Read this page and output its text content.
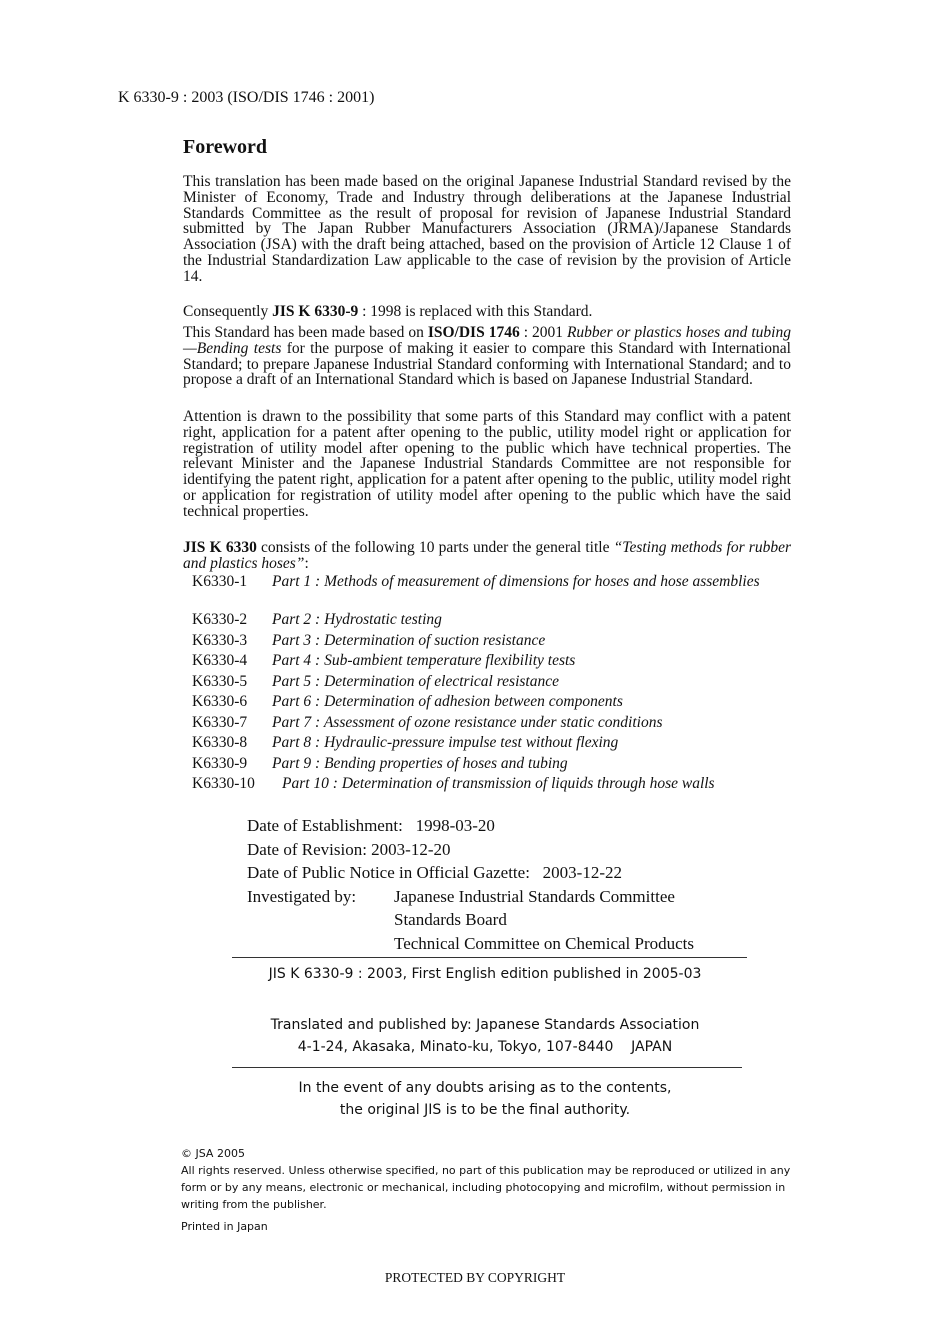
K 6330-9 : 2003 (ISO/DIS 1746 : 2001)
Foreword
This translation has been made based on the original Japanese Industrial Standard revised by the Minister of Economy, Trade and Industry through deliberations at the Japanese Industrial Standards Committee as the result of proposal for revision of Japanese Industrial Standard submitted by The Japan Rubber Manufacturers Association (JRMA)/Japanese Standards Association (JSA) with the draft being attached, based on the provision of Article 12 Clause 1 of the Industrial Standardization Law applicable to the case of revision by the provision of Article 14.
Consequently JIS K 6330-9 : 1998 is replaced with this Standard.
This Standard has been made based on ISO/DIS 1746 : 2001 Rubber or plastics hoses and tubing—Bending tests for the purpose of making it easier to compare this Standard with International Standard; to prepare Japanese Industrial Standard conforming with International Standard; and to propose a draft of an International Standard which is based on Japanese Industrial Standard.
Attention is drawn to the possibility that some parts of this Standard may conflict with a patent right, application for a patent after opening to the public, utility model right or application for registration of utility model after opening to the public which have technical properties. The relevant Minister and the Japanese Industrial Standards Committee are not responsible for identifying the patent right, application for a patent after opening to the public, utility model right or application for registration of utility model after opening to the public which have the said technical properties.
JIS K 6330 consists of the following 10 parts under the general title “Testing methods for rubber and plastics hoses”:
K6330-1	Part 1 : Methods of measurement of dimensions for hoses and hose assemblies
K6330-2	Part 2 : Hydrostatic testing
K6330-3	Part 3 : Determination of suction resistance
K6330-4	Part 4 : Sub-ambient temperature flexibility tests
K6330-5	Part 5 : Determination of electrical resistance
K6330-6	Part 6 : Determination of adhesion between components
K6330-7	Part 7 : Assessment of ozone resistance under static conditions
K6330-8	Part 8 : Hydraulic-pressure impulse test without flexing
K6330-9	Part 9 : Bending properties of hoses and tubing
K6330-10	Part 10 : Determination of transmission of liquids through hose walls
Date of Establishment: 1998-03-20
Date of Revision: 2003-12-20
Date of Public Notice in Official Gazette: 2003-12-22
Investigated by:	Japanese Industrial Standards Committee
Standards Board
Technical Committee on Chemical Products
JIS K 6330-9 : 2003, First English edition published in 2005-03
Translated and published by: Japanese Standards Association
4-1-24, Akasaka, Minato-ku, Tokyo, 107-8440    JAPAN
In the event of any doubts arising as to the contents,
the original JIS is to be the final authority.
© JSA 2005
All rights reserved. Unless otherwise specified, no part of this publication may be reproduced or utilized in any form or by any means, electronic or mechanical, including photocopying and microfilm, without permission in writing from the publisher.
Printed in Japan
PROTECTED BY COPYRIGHT
